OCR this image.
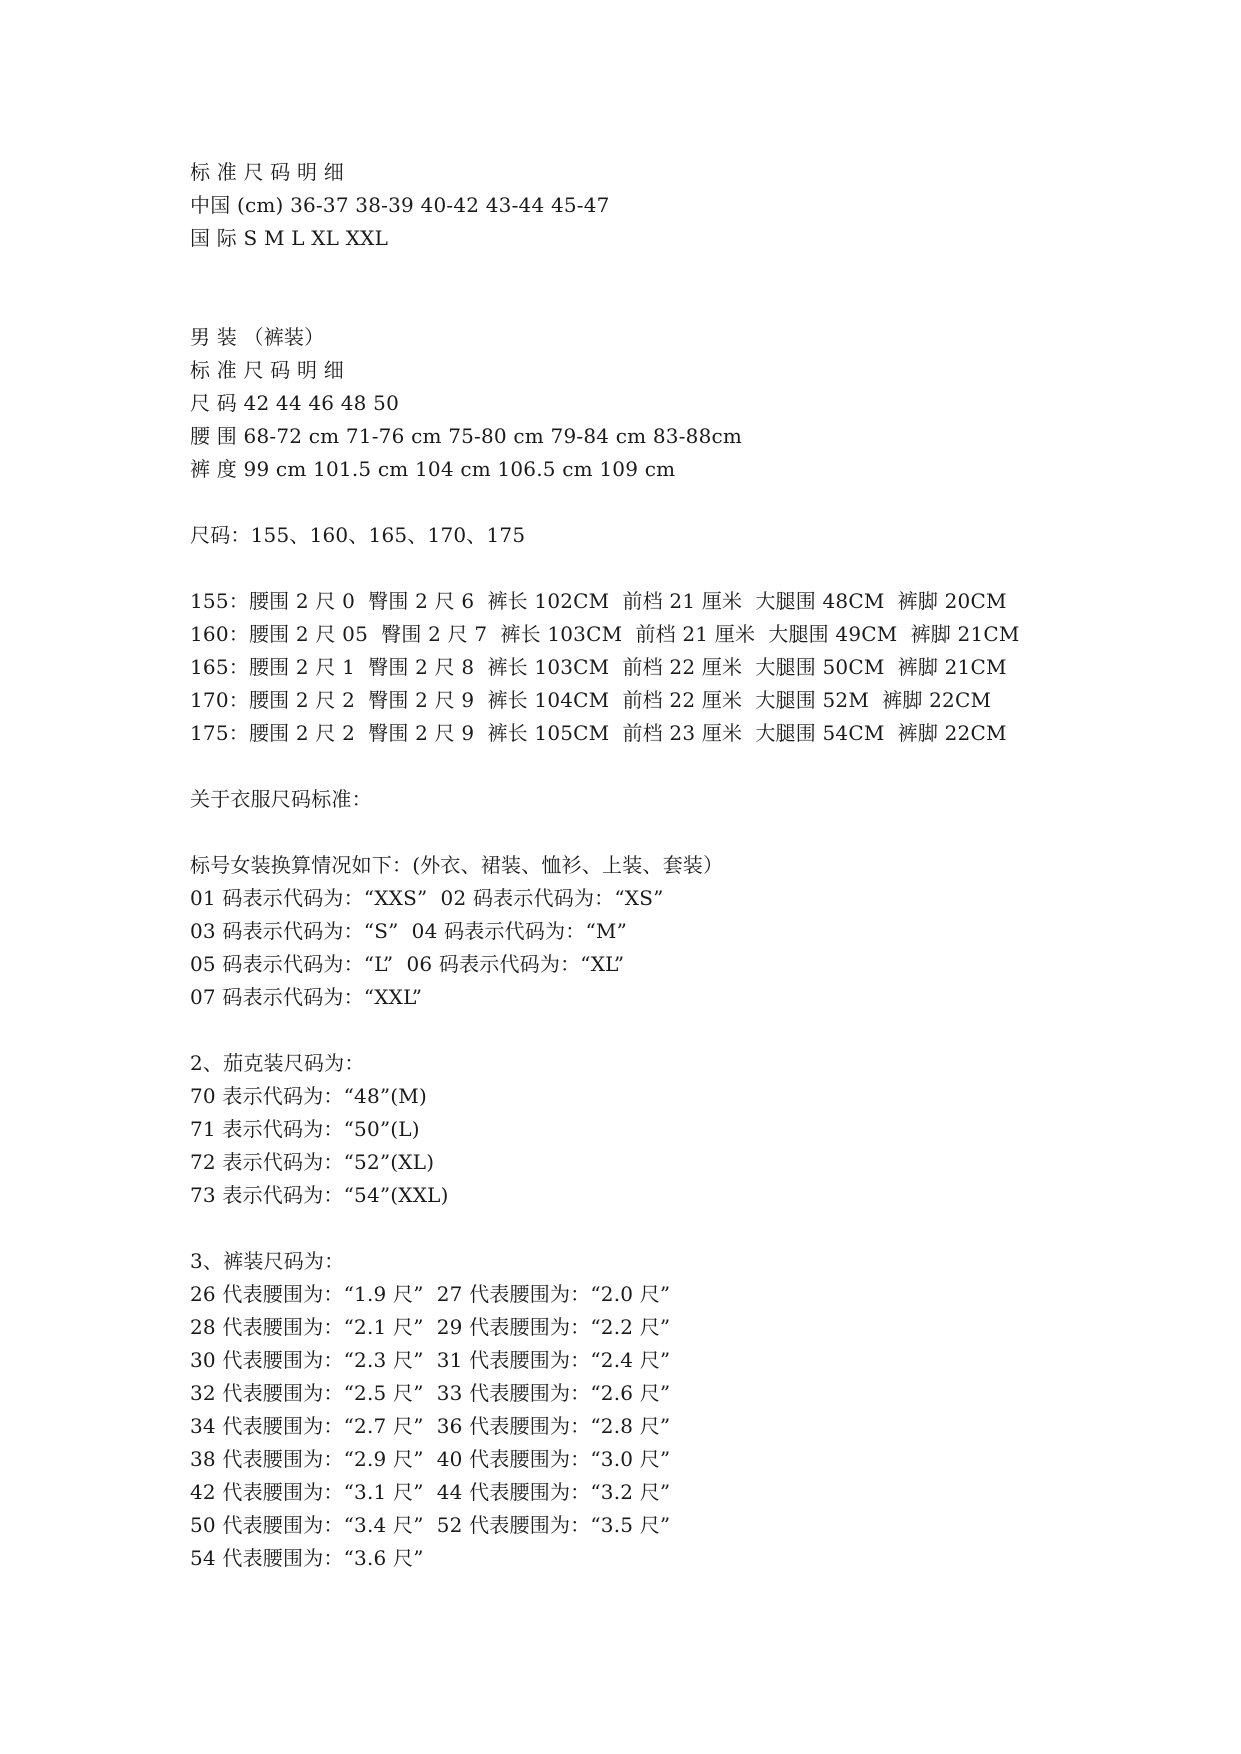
标 准 尺 码 明 细
中国 (cm) 36-37 38-39 40-42 43-44 45-47
国 际 S M L XL XXL
男 装 （裤装）
标 准 尺 码 明 细
尺 码 42 44 46 48 50
腰 围 68-72 cm 71-76 cm 75-80 cm 79-84 cm 83-88cm
裤 度 99 cm 101.5 cm 104 cm 106.5 cm 109 cm
尺码：155、160、165、170、175
155：腰围 2 尺 0  臀围 2 尺 6  裤长 102CM  前档 21 厘米  大腿围 48CM  裤脚 20CM
160：腰围 2 尺 05  臀围 2 尺 7  裤长 103CM  前档 21 厘米  大腿围 49CM  裤脚 21CM
165：腰围 2 尺 1  臀围 2 尺 8  裤长 103CM  前档 22 厘米  大腿围 50CM  裤脚 21CM
170：腰围 2 尺 2  臀围 2 尺 9  裤长 104CM  前档 22 厘米  大腿围 52M  裤脚 22CM
175：腰围 2 尺 2  臀围 2 尺 9  裤长 105CM  前档 23 厘米  大腿围 54CM  裤脚 22CM
关于衣服尺码标准：
标号女装换算情况如下：(外衣、裙装、恤衫、上装、套装）
01 码表示代码为：“XXS”  02 码表示代码为：“XS”
03 码表示代码为：“S”  04 码表示代码为：“M”
05 码表示代码为：“L”  06 码表示代码为：“XL”
07 码表示代码为：“XXL”
2、茄克装尺码为：
70 表示代码为：“48”(M)
71 表示代码为：“50”(L)
72 表示代码为：“52”(XL)
73 表示代码为：“54”(XXL)
3、裤装尺码为：
26 代表腰围为：“1.9 尺”  27 代表腰围为：“2.0 尺”
28 代表腰围为：“2.1 尺”  29 代表腰围为：“2.2 尺”
30 代表腰围为：“2.3 尺”  31 代表腰围为：“2.4 尺”
32 代表腰围为：“2.5 尺”  33 代表腰围为：“2.6 尺”
34 代表腰围为：“2.7 尺”  36 代表腰围为：“2.8 尺”
38 代表腰围为：“2.9 尺”  40 代表腰围为：“3.0 尺”
42 代表腰围为：“3.1 尺”  44 代表腰围为：“3.2 尺”
50 代表腰围为：“3.4 尺”  52 代表腰围为：“3.5 尺”
54 代表腰围为：“3.6 尺”
